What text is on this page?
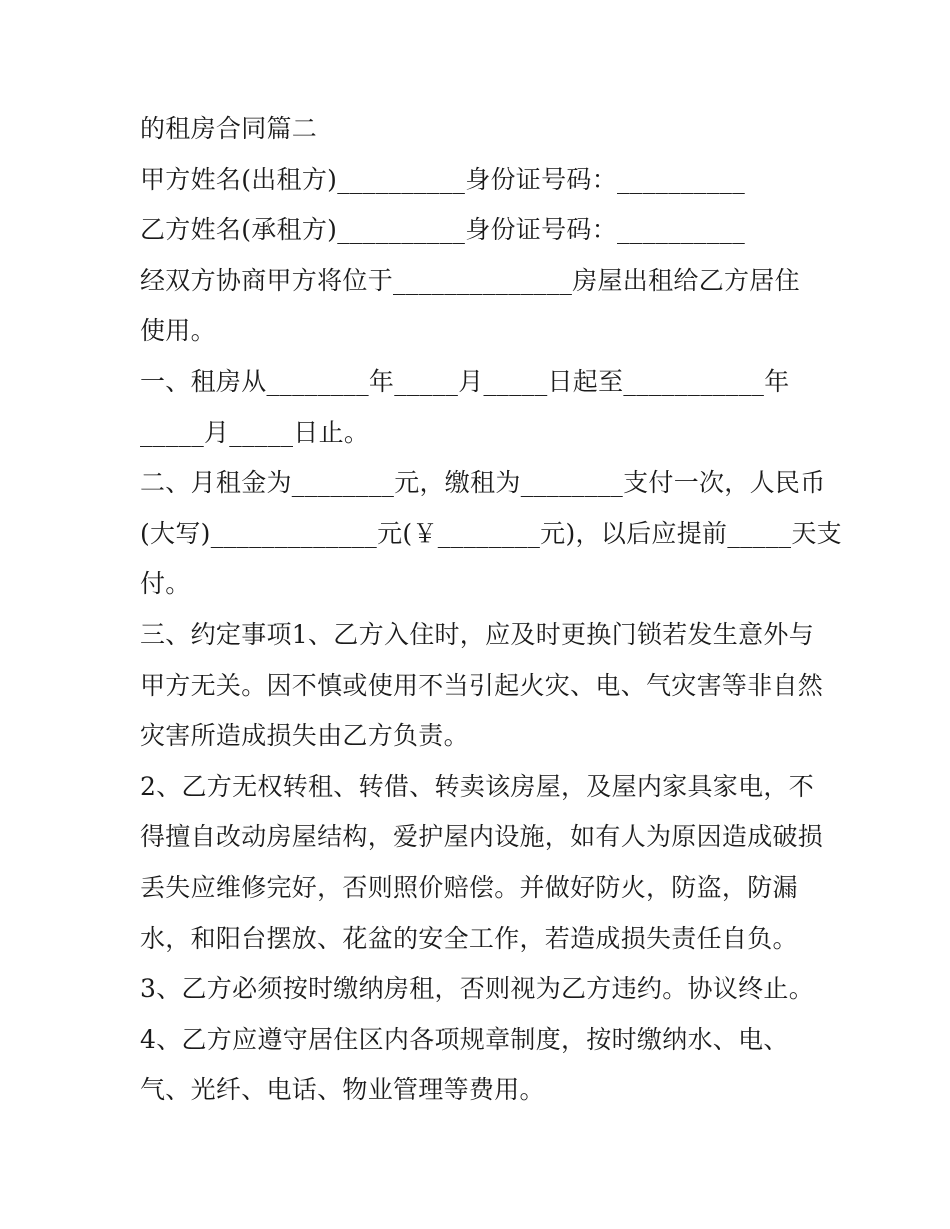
的租房合同篇二
甲方姓名(出租方)__________身份证号码：__________
乙方姓名(承租方)__________身份证号码：__________
经双方协商甲方将位于______________房屋出租给乙方居住
使用。
一、租房从________年_____月_____日起至___________年
_____月_____日止。
二、月租金为________元，缴租为________支付一次，人民币
(大写)_____________元(￥________元)，以后应提前_____天支
付。
三、约定事项1、乙方入住时，应及时更换门锁若发生意外与
甲方无关。因不慎或使用不当引起火灾、电、气灾害等非自然
灾害所造成损失由乙方负责。
2、乙方无权转租、转借、转卖该房屋，及屋内家具家电，不
得擅自改动房屋结构，爱护屋内设施，如有人为原因造成破损
丢失应维修完好，否则照价赔偿。并做好防火，防盗，防漏
水，和阳台摆放、花盆的安全工作，若造成损失责任自负。
3、乙方必须按时缴纳房租，否则视为乙方违约。协议终止。
4、乙方应遵守居住区内各项规章制度，按时缴纳水、电、
气、光纤、电话、物业管理等费用。
